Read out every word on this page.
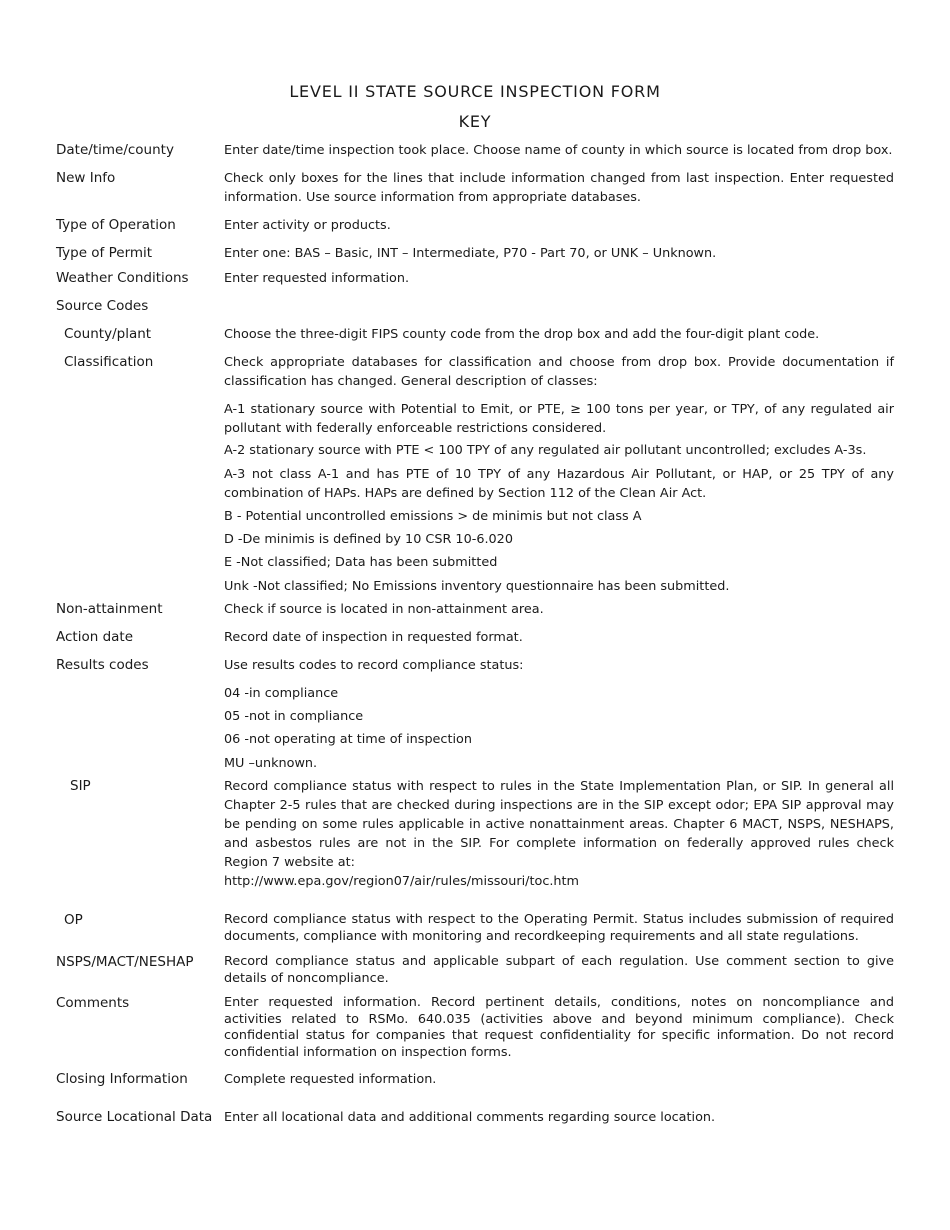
LEVEL II STATE SOURCE INSPECTION FORM
KEY
Date/time/county	Enter date/time inspection took place. Choose name of county in which source is located from drop box.
New Info	Check only boxes for the lines that include information changed from last inspection. Enter requested information. Use source information from appropriate databases.
Type of Operation	Enter activity or products.
Type of Permit	Enter one: BAS – Basic, INT – Intermediate, P70 - Part 70, or UNK – Unknown.
Weather Conditions	Enter requested information.
Source Codes
County/plant	Choose the three-digit FIPS county code from the drop box and add the four-digit plant code.
Classification	Check appropriate databases for classification and choose from drop box. Provide documentation if classification has changed. General description of classes:
A-1 stationary source with Potential to Emit, or PTE, ≥ 100 tons per year, or TPY, of any regulated air pollutant with federally enforceable restrictions considered.
A-2 stationary source with PTE < 100 TPY of any regulated air pollutant uncontrolled; excludes A-3s.
A-3 not class A-1 and has PTE of 10 TPY of any Hazardous Air Pollutant, or HAP, or 25 TPY of any combination of HAPs. HAPs are defined by Section 112 of the Clean Air Act.
B - Potential uncontrolled emissions > de minimis but not class A
D -De minimis is defined by 10 CSR 10-6.020
E -Not classified; Data has been submitted
Unk -Not classified; No Emissions inventory questionnaire has been submitted.
Non-attainment	Check if source is located in non-attainment area.
Action date	Record date of inspection in requested format.
Results codes	Use results codes to record compliance status:
04 -in compliance
05 -not in compliance
06 -not operating at time of inspection
MU –unknown.
SIP	Record compliance status with respect to rules in the State Implementation Plan, or SIP. In general all Chapter 2-5 rules that are checked during inspections are in the SIP except odor; EPA SIP approval may be pending on some rules applicable in active nonattainment areas. Chapter 6 MACT, NSPS, NESHAPS, and asbestos rules are not in the SIP. For complete information on federally approved rules check Region 7 website at:
http://www.epa.gov/region07/air/rules/missouri/toc.htm
OP	Record compliance status with respect to the Operating Permit. Status includes submission of required documents, compliance with monitoring and recordkeeping requirements and all state regulations.
NSPS/MACT/NESHAP Record compliance status and applicable subpart of each regulation. Use comment section to give details of noncompliance.
Comments	Enter requested information. Record pertinent details, conditions, notes on noncompliance and activities related to RSMo. 640.035 (activities above and beyond minimum compliance). Check confidential status for companies that request confidentiality for specific information. Do not record confidential information on inspection forms.
Closing Information	Complete requested information.
Source Locational Data Enter all locational data and additional comments regarding source location.
